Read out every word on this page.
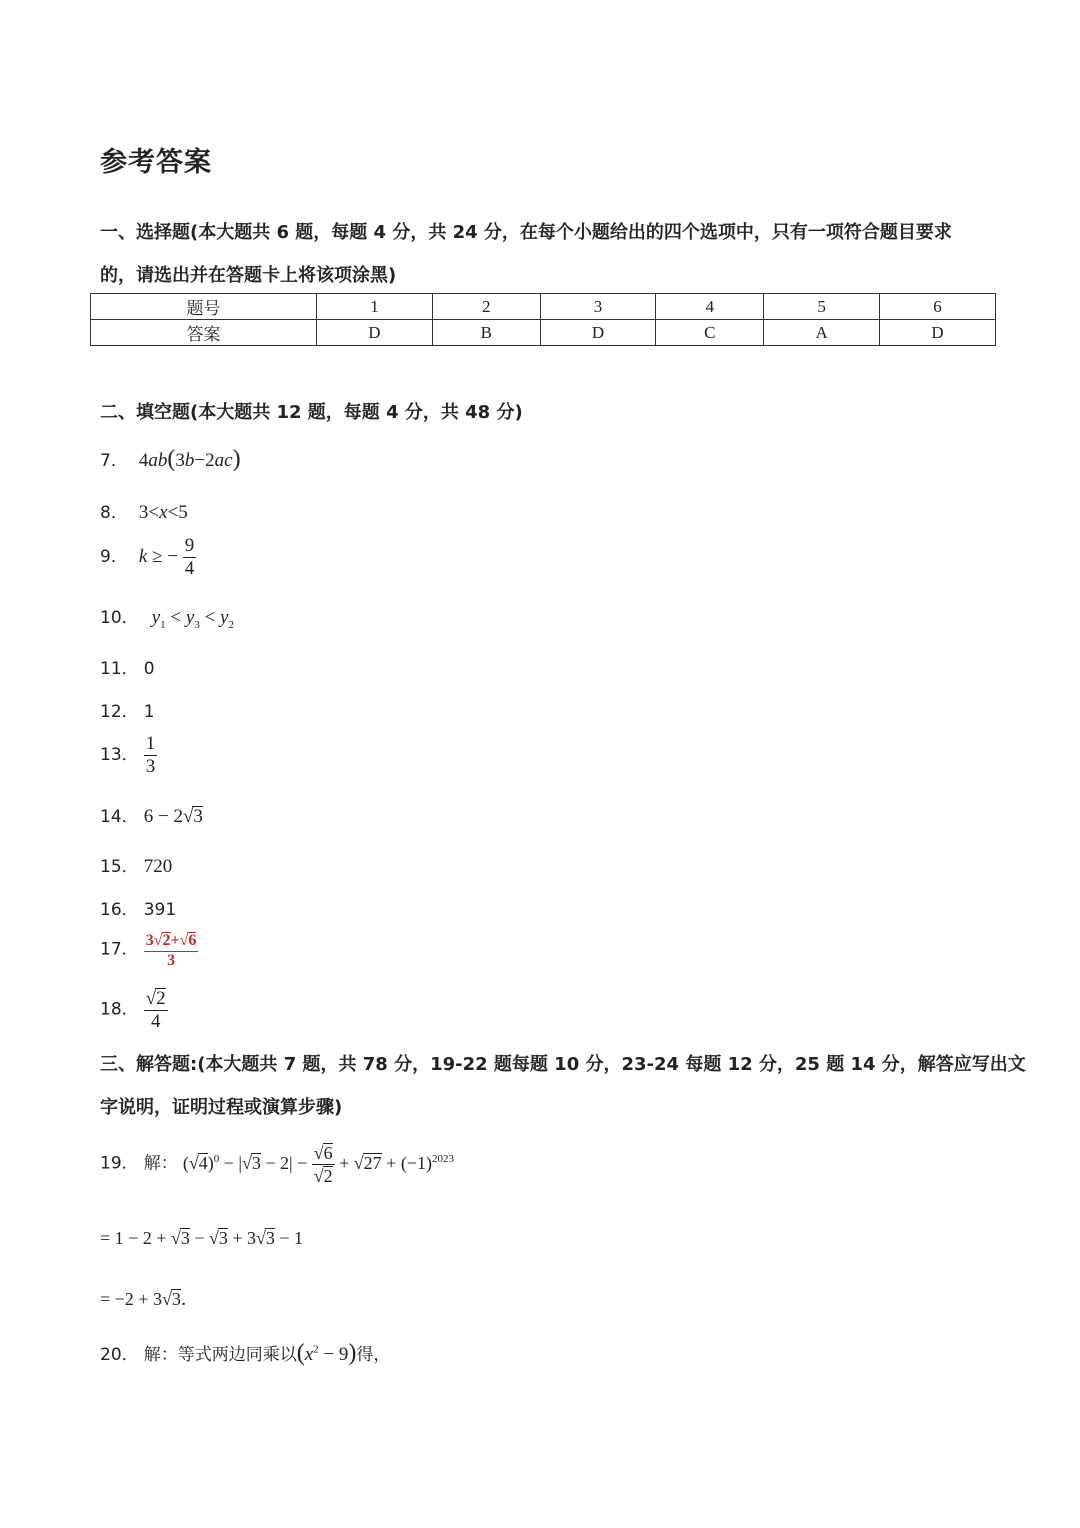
参考答案
一、选择题(本大题共 6 题，每题 4 分，共 24 分，在每个小题给出的四个选项中，只有一项符合题目要求
的，请选出并在答题卡上将该项涂黑)
题号	1	2	3	4	5	6
答案	D	B	D	C	A	D
二、填空题(本大题共 12 题，每题 4 分，共 48 分)
7． 4ab(3b−2ac)
8． 3<x<5
9． k ≥ − $\frac{9}{4}$
10． $y_1 < y_3 < y_2$
11． 0
12． 1
13． $\frac{1}{3}$
14． 6 − 2√3
15． 720
16． 391
17． $\frac{3√2+√6}{3}$
18． $\frac{√2}{4}$
三、解答题:(本大题共 7 题，共 78 分，19-22 题每题 10 分，23-24 每题 12 分，25 题 14 分，解答应写出文
字说明，证明过程或演算步骤)
19． 解： $(√4)^0 - |√3 - 2| - \frac{√6}{√2} + √27 + (-1)^{2023}$
= 1 − 2 + √3 − √3 + 3√3 − 1
= −2 + 3√3．
20． 解：等式两边同乘以$(x^2 - 9)$得，
